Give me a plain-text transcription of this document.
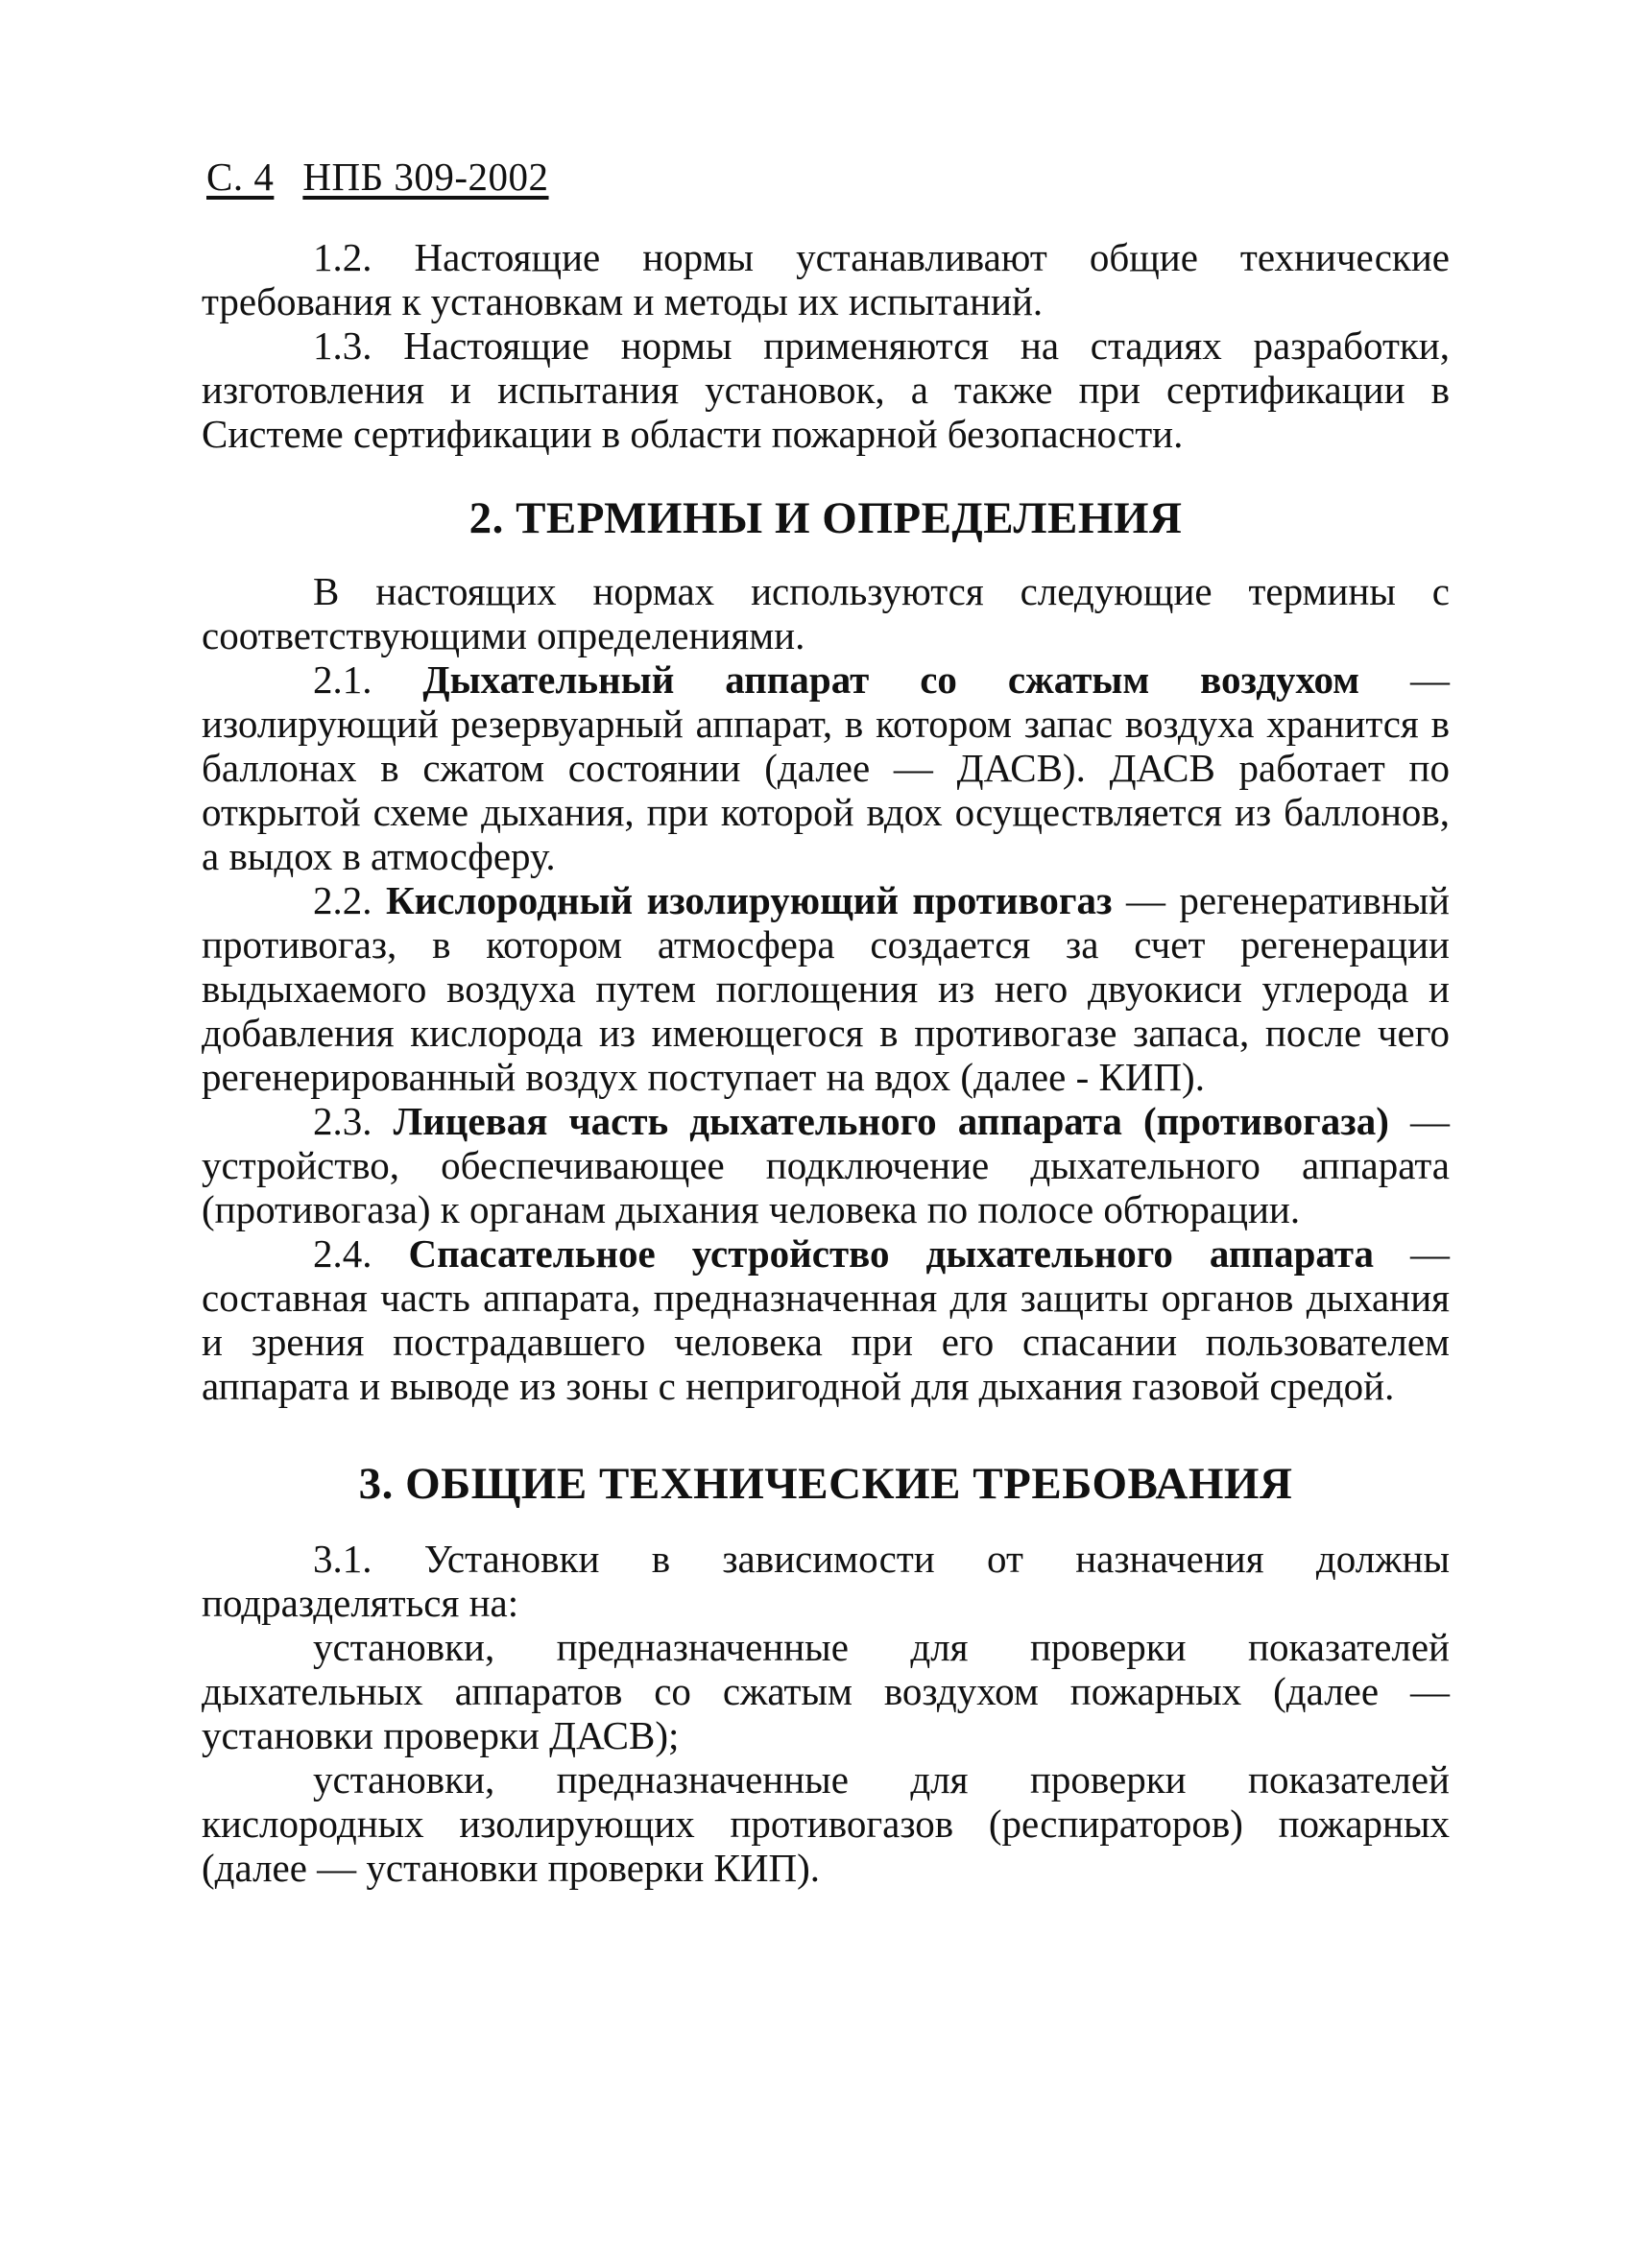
С. 4 НПБ 309-2002

1.2. Настоящие нормы устанавливают общие технические требования к установкам и методы их испытаний.

1.3. Настоящие нормы применяются на стадиях разработки, изготовления и испытания установок, а также при сертификации в Системе сертификации в области пожарной безопасности.

2. ТЕРМИНЫ И ОПРЕДЕЛЕНИЯ

В настоящих нормах используются следующие термины с соответствующими определениями.

2.1. Дыхательный аппарат со сжатым воздухом — изолирующий резервуарный аппарат, в котором запас воздуха хранится в баллонах в сжатом состоянии (далее — ДАСВ). ДАСВ работает по открытой схеме дыхания, при которой вдох осуществляется из баллонов, а выдох в атмосферу.

2.2. Кислородный изолирующий противогаз — регенеративный противогаз, в котором атмосфера создается за счет регенерации выдыхаемого воздуха путем поглощения из него двуокиси углерода и добавления кислорода из имеющегося в противогазе запаса, после чего регенерированный воздух поступает на вдох (далее - КИП).

2.3. Лицевая часть дыхательного аппарата (противогаза) — устройство, обеспечивающее подключение дыхательного аппарата (противогаза) к органам дыхания человека по полосе обтюрации.

2.4. Спасательное устройство дыхательного аппарата — составная часть аппарата, предназначенная для защиты органов дыхания и зрения пострадавшего человека при его спасании пользователем аппарата и выводе из зоны с непригодной для дыхания газовой средой.

3. ОБЩИЕ ТЕХНИЧЕСКИЕ ТРЕБОВАНИЯ

3.1. Установки в зависимости от назначения должны подразделяться на:

установки, предназначенные для проверки показателей дыхательных аппаратов со сжатым воздухом пожарных (далее — установки проверки ДАСВ);

установки, предназначенные для проверки показателей кислородных изолирующих противогазов (респираторов) пожарных (далее — установки проверки КИП).
